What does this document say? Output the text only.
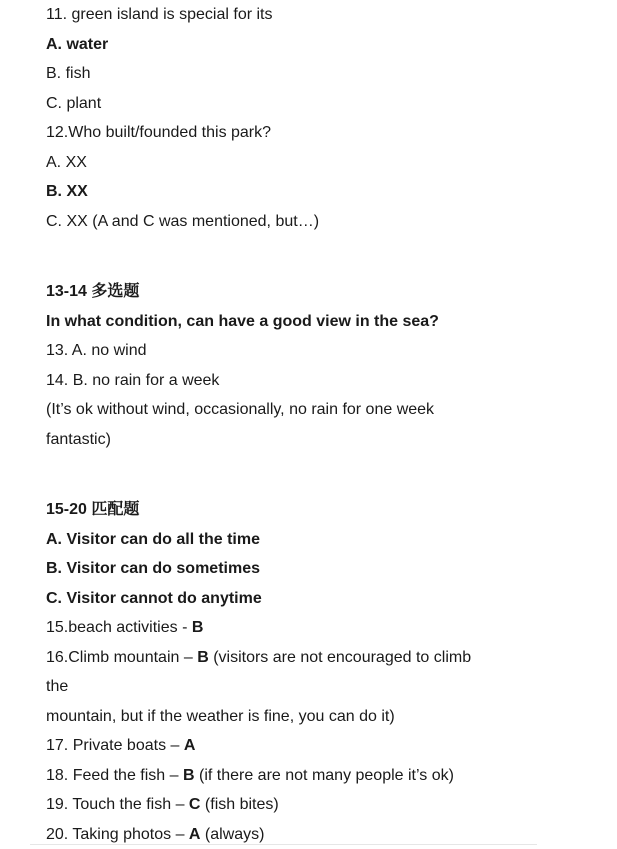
11. green island is special for its
A. water
B. fish
C. plant
12.Who built/founded this park?
A. XX
B. XX
C. XX (A and C was mentioned, but…)
13-14 多选题
In what condition, can have a good view in the sea?
13. A. no wind
14. B. no rain for a week
(It’s ok without wind, occasionally, no rain for one week
fantastic)
15-20 匹配题
A. Visitor can do all the time
B. Visitor can do sometimes
C. Visitor cannot do anytime
15.beach activities - B
16.Climb mountain – B (visitors are not encouraged to climb
the
mountain, but if the weather is fine, you can do it)
17. Private boats – A
18. Feed the fish – B (if there are not many people it’s ok)
19. Touch the fish – C (fish bites)
20. Taking photos – A (always)
